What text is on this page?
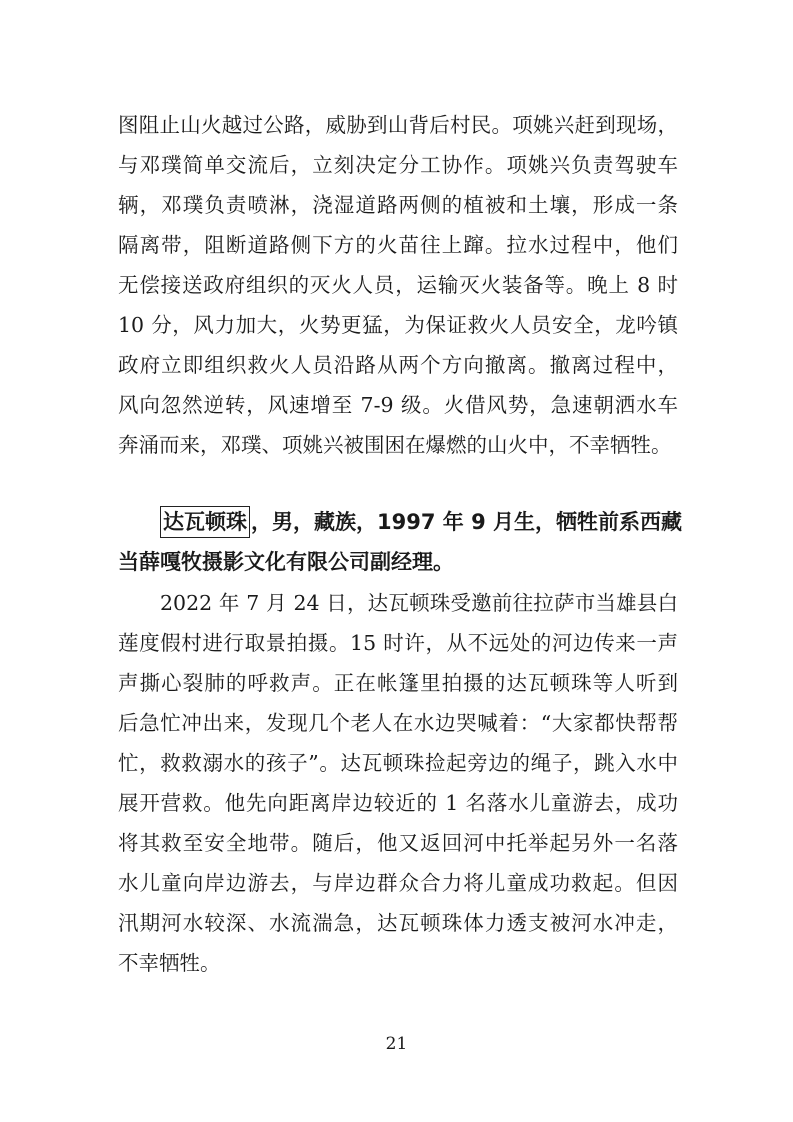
图阻止山火越过公路，威胁到山背后村民。项姚兴赶到现场，
与邓璞简单交流后，立刻决定分工协作。项姚兴负责驾驶车
辆，邓璞负责喷淋，浇湿道路两侧的植被和土壤，形成一条
隔离带，阻断道路侧下方的火苗往上蹿。拉水过程中，他们
无偿接送政府组织的灭火人员，运输灭火装备等。晚上 8 时
10 分，风力加大，火势更猛，为保证救火人员安全，龙吟镇
政府立即组织救火人员沿路从两个方向撤离。撤离过程中，
风向忽然逆转，风速增至 7-9 级。火借风势，急速朝洒水车
奔涌而来，邓璞、项姚兴被围困在爆燃的山火中，不幸牺牲。
达瓦顿珠 ，男，藏族，1997 年 9 月生，牺牲前系西藏
当薛嘎牧摄影文化有限公司副经理。
2022 年 7 月 24 日，达瓦顿珠受邀前往拉萨市当雄县白
莲度假村进行取景拍摄。15 时许，从不远处的河边传来一声
声撕心裂肺的呼救声。正在帐篷里拍摄的达瓦顿珠等人听到
后急忙冲出来，发现几个老人在水边哭喊着：“大家都快帮帮
忙，救救溺水的孩子”。达瓦顿珠捡起旁边的绳子，跳入水中
展开营救。他先向距离岸边较近的 1 名落水儿童游去，成功
将其救至安全地带。随后，他又返回河中托举起另外一名落
水儿童向岸边游去，与岸边群众合力将儿童成功救起。但因
汛期河水较深、水流湍急，达瓦顿珠体力透支被河水冲走，
不幸牺牲。
21
